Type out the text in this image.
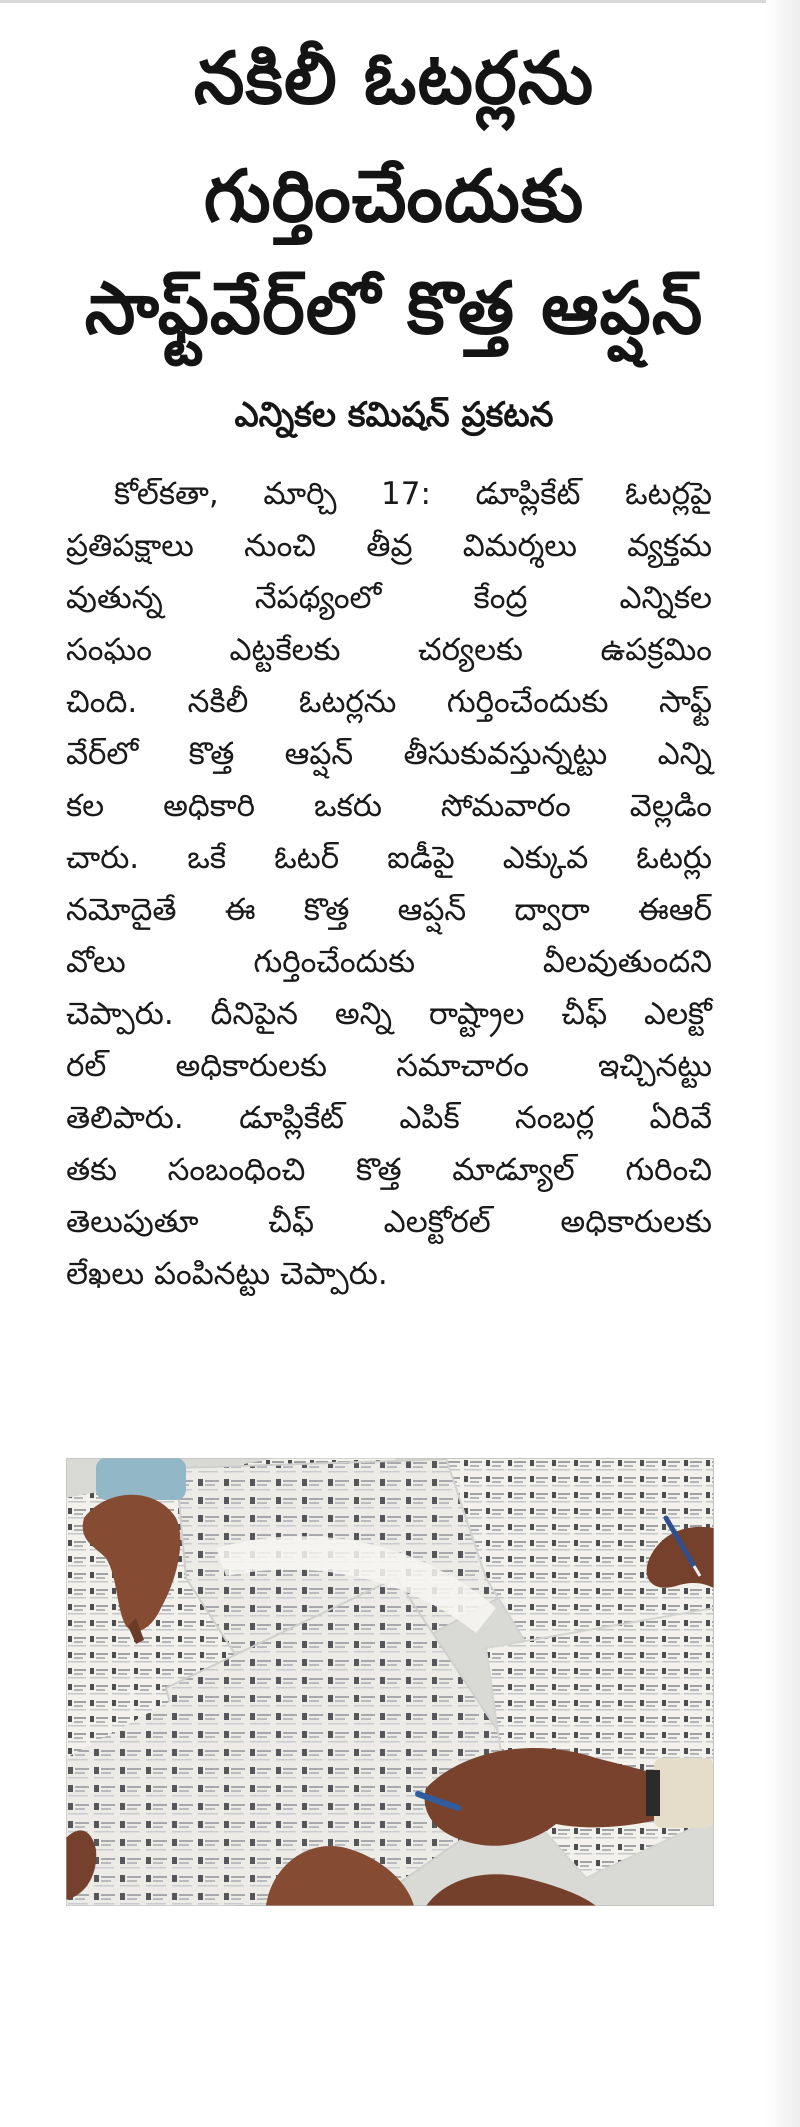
నకిలీ ఓటర్లను
గుర్తించేందుకు
సాఫ్ట్‌వేర్‌లో కొత్త ఆప్షన్
ఎన్నికల కమిషన్ ప్రకటన
కోల్‌కతా, మార్చి 17: డూప్లికేట్ ఓటర్లపై
ప్రతిపక్షాలు నుంచి తీవ్ర విమర్శలు వ్యక్తమ
వుతున్న నేపథ్యంలో కేంద్ర ఎన్నికల
సంఘం ఎట్టకేలకు చర్యలకు ఉపక్రమిం
చింది. నకిలీ ఓటర్లను గుర్తించేందుకు సాఫ్ట్
వేర్‌లో కొత్త ఆప్షన్ తీసుకువస్తున్నట్టు ఎన్ని
కల అధికారి ఒకరు సోమవారం వెల్లడిం
చారు. ఒకే ఓటర్ ఐడీపై ఎక్కువ ఓటర్లు
నమోదైతే ఈ కొత్త ఆప్షన్ ద్వారా ఈఆర్
వోలు గుర్తించేందుకు వీలవుతుందని
చెప్పారు. దీనిపైన అన్ని రాష్ట్రాల చీఫ్ ఎలక్టో
రల్ అధికారులకు సమాచారం ఇచ్చినట్టు
తెలిపారు. డూప్లికేట్ ఎపిక్ నంబర్ల ఏరివే
తకు సంబంధించి కొత్త మాడ్యూల్ గురించి
తెలుపుతూ చీఫ్ ఎలక్టోరల్ అధికారులకు
లేఖలు పంపినట్టు చెప్పారు.
